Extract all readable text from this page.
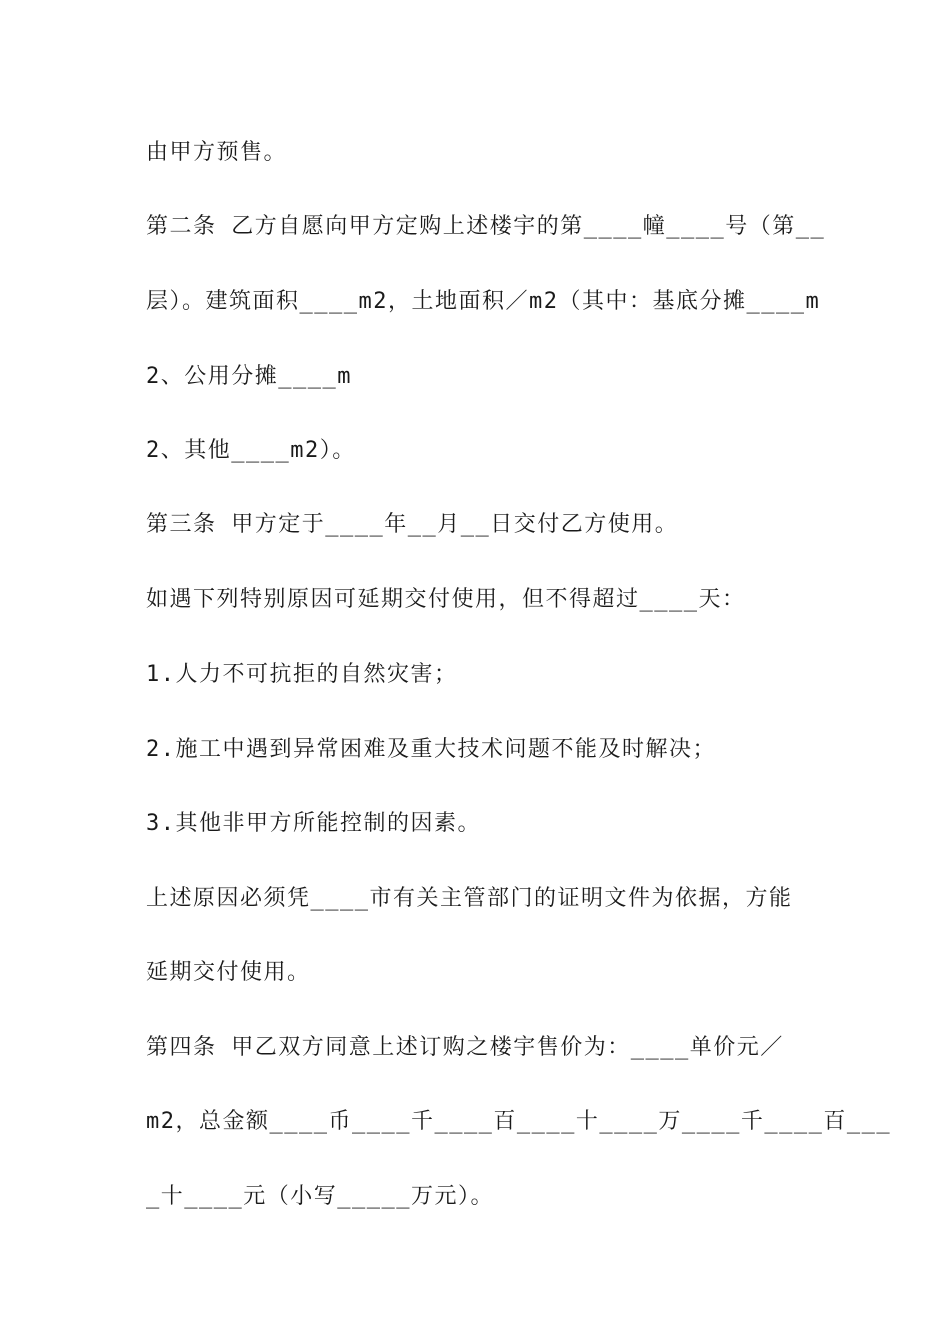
由甲方预售。
第二条 乙方自愿向甲方定购上述楼宇的第____幢____号（第__
层）。建筑面积____m2，土地面积／m2（其中：基底分摊____m
2、公用分摊____m
2、其他____m2）。
第三条 甲方定于____年__月__日交付乙方使用。
如遇下列特别原因可延期交付使用，但不得超过____天：
1.人力不可抗拒的自然灾害；
2.施工中遇到异常困难及重大技术问题不能及时解决；
3.其他非甲方所能控制的因素。
上述原因必须凭____市有关主管部门的证明文件为依据，方能
延期交付使用。
第四条 甲乙双方同意上述订购之楼宇售价为：____单价元／
m2，总金额____币____千____百____十____万____千____百___
_十____元（小写_____万元）。
